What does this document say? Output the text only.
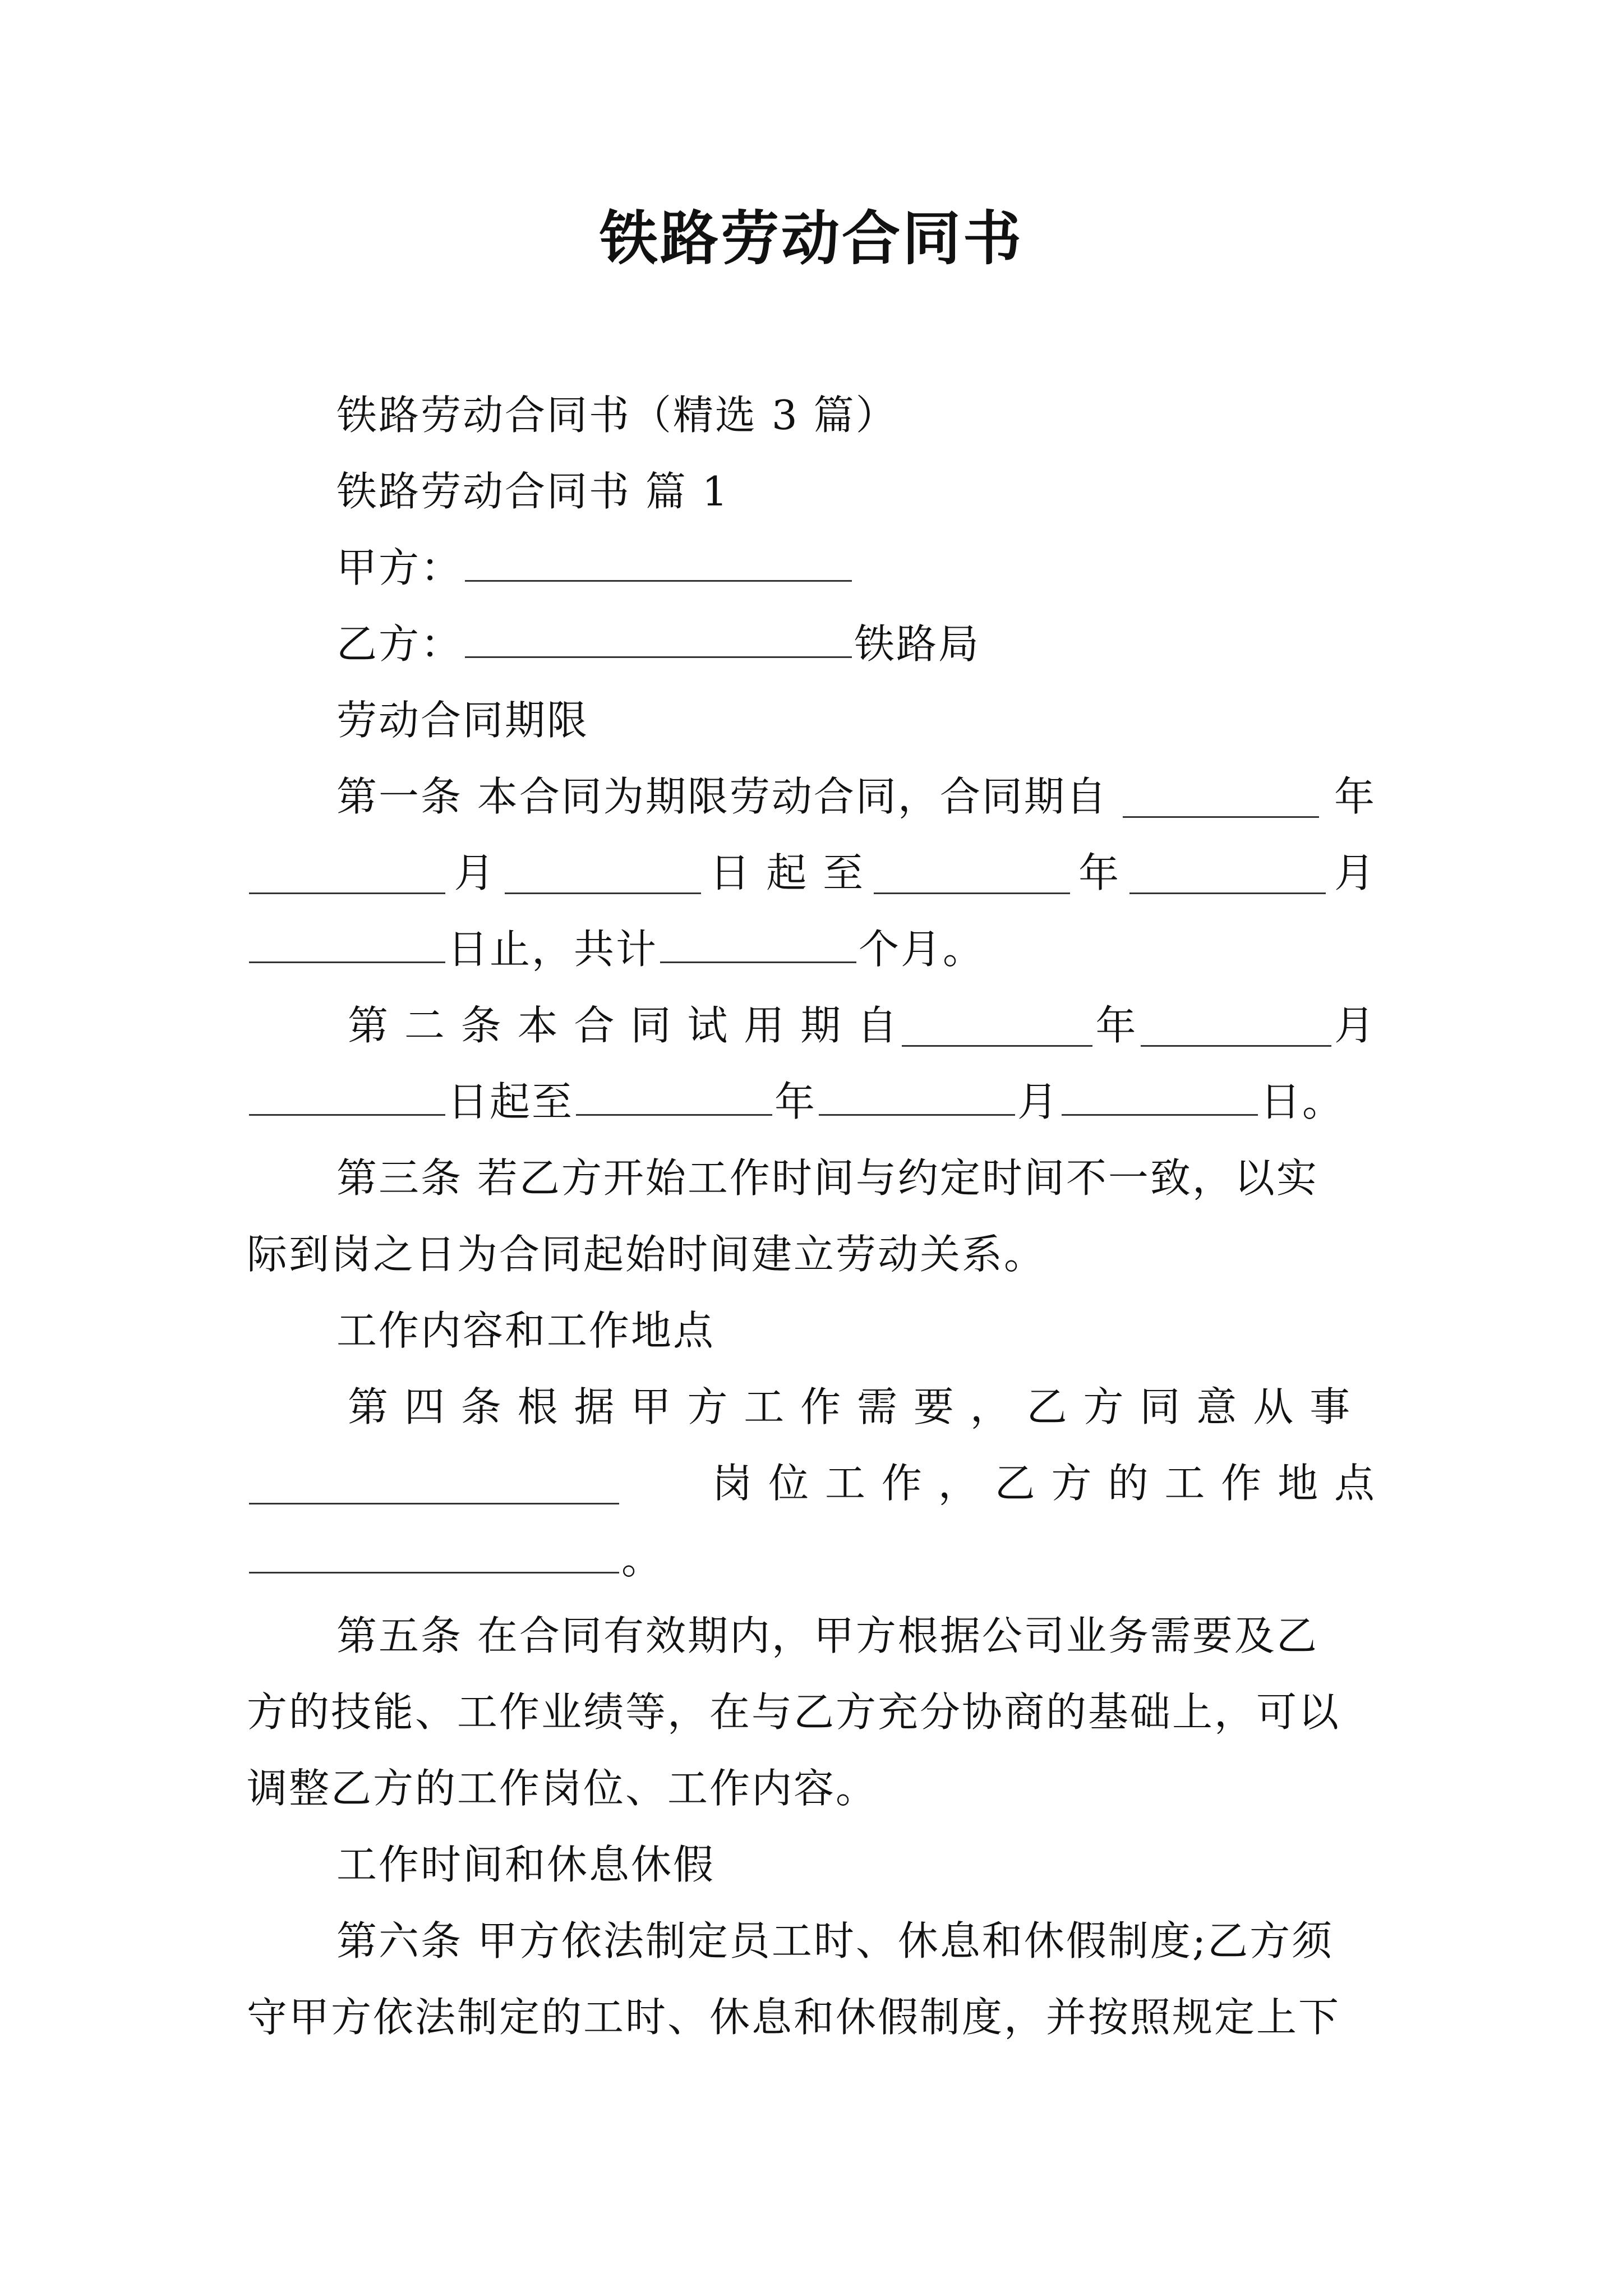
铁路劳动合同书
铁路劳动合同书（精选 3 篇）
铁路劳动合同书 篇 1
甲方：
乙方：	铁路局
劳动合同期限
第一条 本合同为期限劳动合同，合同期自	年
月	日 起 至	年	月
日止，共计	个月。
第 二 条 本 合 同 试 用 期 自	年	月
日起至	年	月	日。
第三条 若乙方开始工作时间与约定时间不一致，以实
际到岗之日为合同起始时间建立劳动关系。
工作内容和工作地点
第 四 条 根 据 甲 方 工 作 需 要 ， 乙 方 同 意 从 事
岗 位 工 作 ， 乙 方 的 工 作 地 点
。
第五条 在合同有效期内，甲方根据公司业务需要及乙
方的技能、工作业绩等，在与乙方充分协商的基础上，可以
调整乙方的工作岗位、工作内容。
工作时间和休息休假
第六条 甲方依法制定员工时、休息和休假制度;乙方须
守甲方依法制定的工时、休息和休假制度，并按照规定上下
